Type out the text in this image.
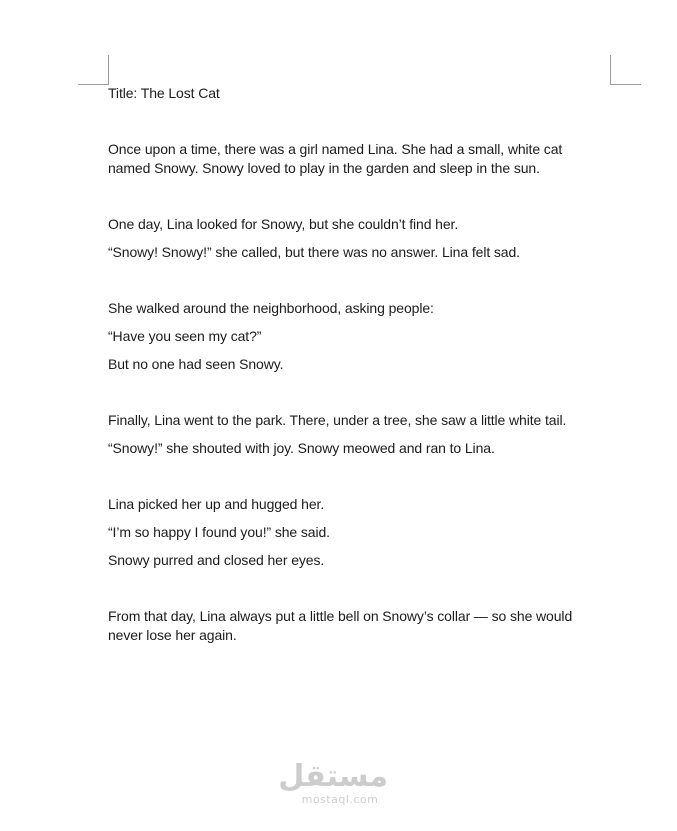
Title: The Lost Cat

Once upon a time, there was a girl named Lina. She had a small, white cat

named Snowy. Snowy loved to play in the garden and sleep in the sun.

One day, Lina looked for Snowy, but she couldn’t find her.

“Snowy! Snowy!” she called, but there was no answer. Lina felt sad.

She walked around the neighborhood, asking people:

“Have you seen my cat?”

But no one had seen Snowy.

Finally, Lina went to the park. There, under a tree, she saw a little white tail.

“Snowy!” she shouted with joy. Snowy meowed and ran to Lina.

Lina picked her up and hugged her.

“I’m so happy I found you!” she said.

Snowy purred and closed her eyes.

From that day, Lina always put a little bell on Snowy’s collar — so she would

never lose her again.

مستقل
mostaql.com
